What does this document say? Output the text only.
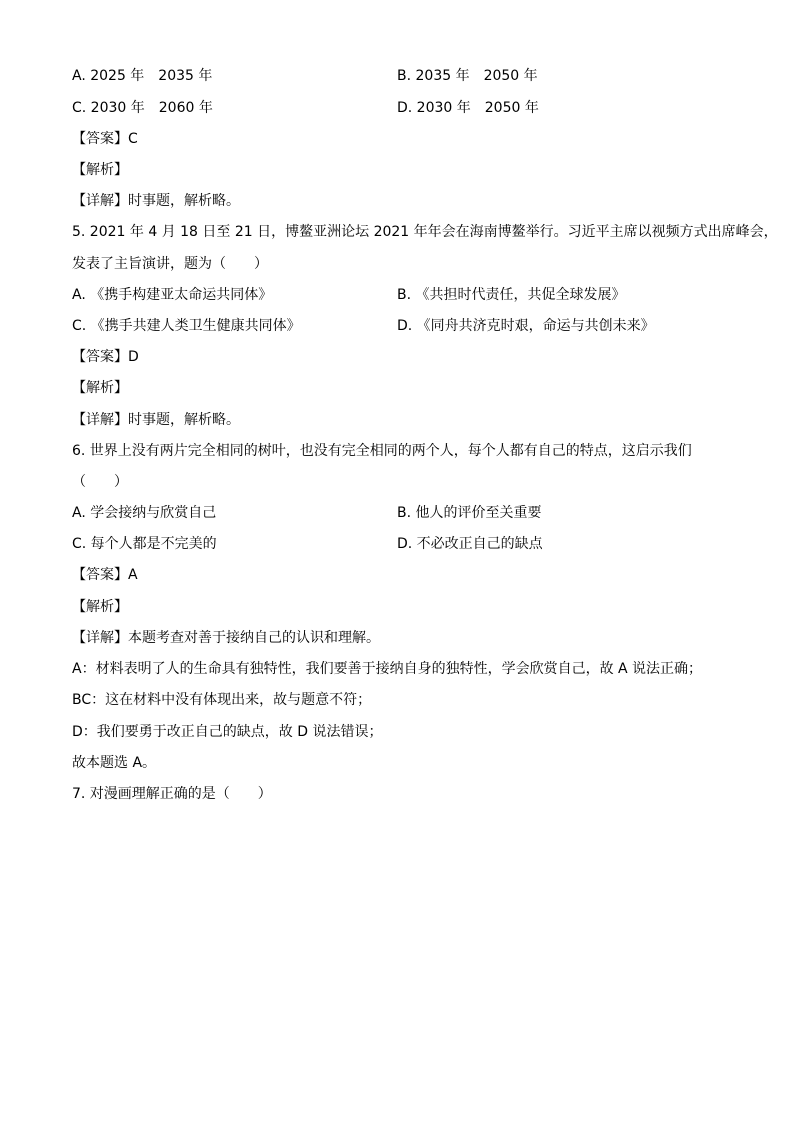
A. 2025 年　2035 年	B. 2035 年　2050 年
C. 2030 年　2060 年	D. 2030 年　2050 年
【答案】C
【解析】
【详解】时事题，解析略。
5. 2021 年 4 月 18 日至 21 日，博鳌亚洲论坛 2021 年年会在海南博鳌举行。习近平主席以视频方式出席峰会，
发表了主旨演讲，题为（　　）
A. 《携手构建亚太命运共同体》	B. 《共担时代责任，共促全球发展》
C. 《携手共建人类卫生健康共同体》	D. 《同舟共济克时艰，命运与共创未来》
【答案】D
【解析】
【详解】时事题，解析略。
6. 世界上没有两片完全相同的树叶，也没有完全相同的两个人，每个人都有自己的特点，这启示我们
（　　）
A. 学会接纳与欣赏自己	B. 他人的评价至关重要
C. 每个人都是不完美的	D. 不必改正自己的缺点
【答案】A
【解析】
【详解】本题考查对善于接纳自己的认识和理解。
A：材料表明了人的生命具有独特性，我们要善于接纳自身的独特性，学会欣赏自己，故 A 说法正确；
BC：这在材料中没有体现出来，故与题意不符；
D：我们要勇于改正自己的缺点，故 D 说法错误；
故本题选 A。
7. 对漫画理解正确的是（　　）
